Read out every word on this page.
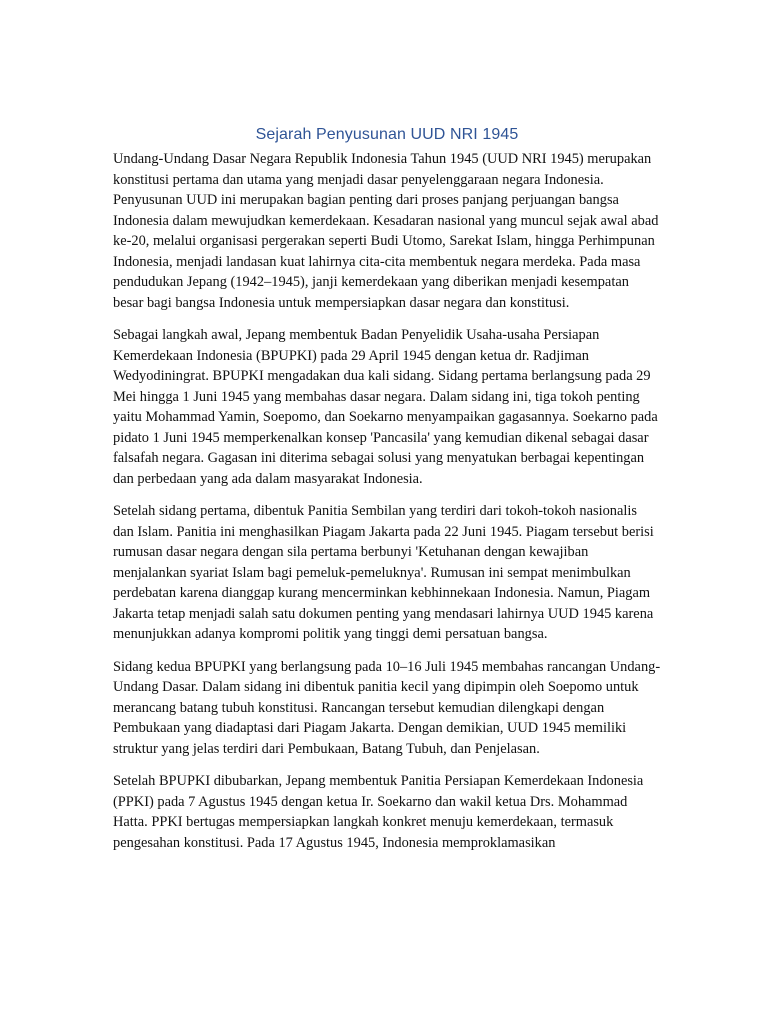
Sejarah Penyusunan UUD NRI 1945

Undang-Undang Dasar Negara Republik Indonesia Tahun 1945 (UUD NRI 1945) merupakan konstitusi pertama dan utama yang menjadi dasar penyelenggaraan negara Indonesia. Penyusunan UUD ini merupakan bagian penting dari proses panjang perjuangan bangsa Indonesia dalam mewujudkan kemerdekaan. Kesadaran nasional yang muncul sejak awal abad ke-20, melalui organisasi pergerakan seperti Budi Utomo, Sarekat Islam, hingga Perhimpunan Indonesia, menjadi landasan kuat lahirnya cita-cita membentuk negara merdeka. Pada masa pendudukan Jepang (1942–1945), janji kemerdekaan yang diberikan menjadi kesempatan besar bagi bangsa Indonesia untuk mempersiapkan dasar negara dan konstitusi.

Sebagai langkah awal, Jepang membentuk Badan Penyelidik Usaha-usaha Persiapan Kemerdekaan Indonesia (BPUPKI) pada 29 April 1945 dengan ketua dr. Radjiman Wedyodiningrat. BPUPKI mengadakan dua kali sidang. Sidang pertama berlangsung pada 29 Mei hingga 1 Juni 1945 yang membahas dasar negara. Dalam sidang ini, tiga tokoh penting yaitu Mohammad Yamin, Soepomo, dan Soekarno menyampaikan gagasannya. Soekarno pada pidato 1 Juni 1945 memperkenalkan konsep 'Pancasila' yang kemudian dikenal sebagai dasar falsafah negara. Gagasan ini diterima sebagai solusi yang menyatukan berbagai kepentingan dan perbedaan yang ada dalam masyarakat Indonesia.

Setelah sidang pertama, dibentuk Panitia Sembilan yang terdiri dari tokoh-tokoh nasionalis dan Islam. Panitia ini menghasilkan Piagam Jakarta pada 22 Juni 1945. Piagam tersebut berisi rumusan dasar negara dengan sila pertama berbunyi 'Ketuhanan dengan kewajiban menjalankan syariat Islam bagi pemeluk-pemeluknya'. Rumusan ini sempat menimbulkan perdebatan karena dianggap kurang mencerminkan kebhinnekaan Indonesia. Namun, Piagam Jakarta tetap menjadi salah satu dokumen penting yang mendasari lahirnya UUD 1945 karena menunjukkan adanya kompromi politik yang tinggi demi persatuan bangsa.

Sidang kedua BPUPKI yang berlangsung pada 10–16 Juli 1945 membahas rancangan Undang-Undang Dasar. Dalam sidang ini dibentuk panitia kecil yang dipimpin oleh Soepomo untuk merancang batang tubuh konstitusi. Rancangan tersebut kemudian dilengkapi dengan Pembukaan yang diadaptasi dari Piagam Jakarta. Dengan demikian, UUD 1945 memiliki struktur yang jelas terdiri dari Pembukaan, Batang Tubuh, dan Penjelasan.

Setelah BPUPKI dibubarkan, Jepang membentuk Panitia Persiapan Kemerdekaan Indonesia (PPKI) pada 7 Agustus 1945 dengan ketua Ir. Soekarno dan wakil ketua Drs. Mohammad Hatta. PPKI bertugas mempersiapkan langkah konkret menuju kemerdekaan, termasuk pengesahan konstitusi. Pada 17 Agustus 1945, Indonesia memproklamasikan
